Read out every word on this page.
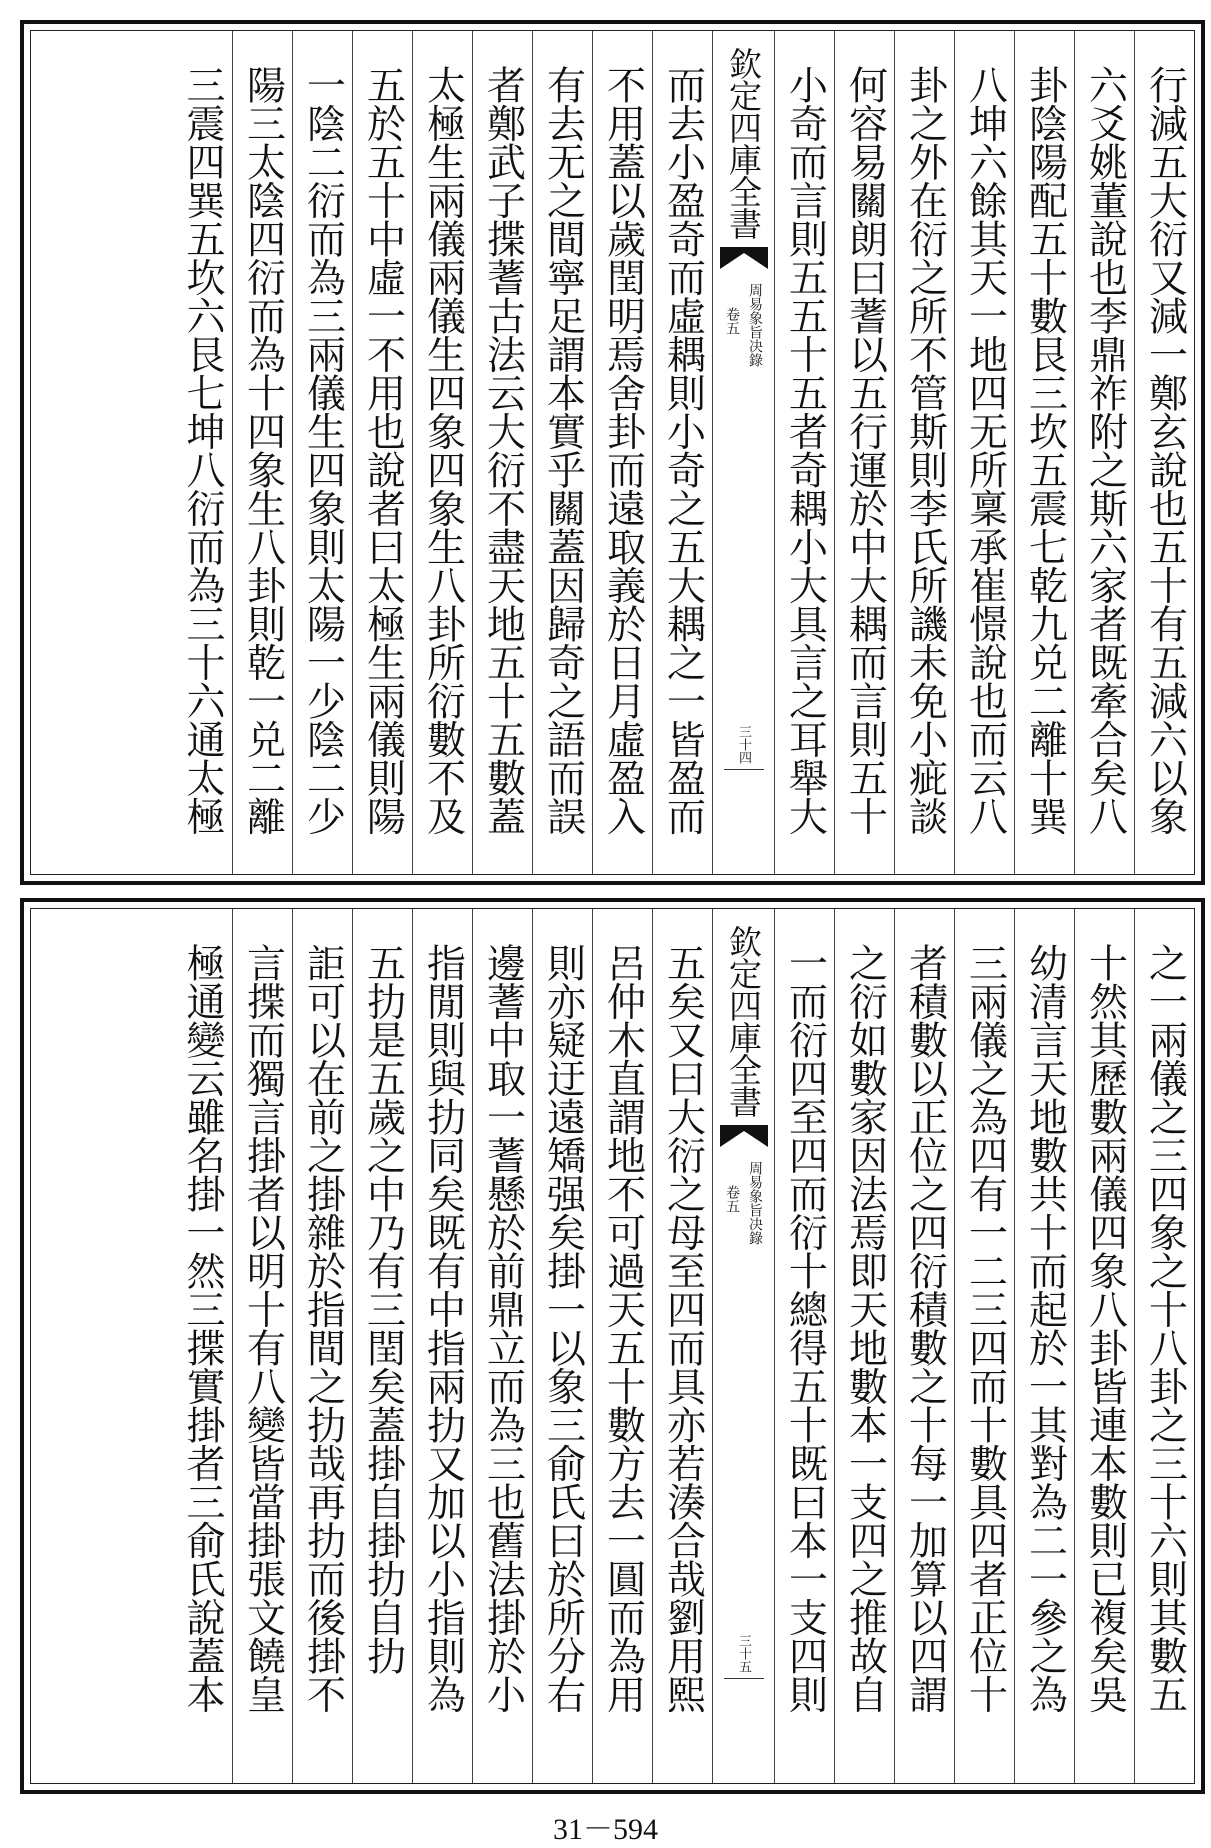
行減五大衍又減一鄭玄說也五十有五減六以象
六爻姚董說也李鼎祚附之斯六家者既牽合矣八
卦陰陽配五十數艮三坎五震七乾九兑二離十巽
八坤六餘其天一地四无所稟承崔憬說也而云八
卦之外在衍之所不管斯則李氏所譏未免小疵談
何容易關朗曰蓍以五行運於中大耦而言則五十
小奇而言則五五十五者奇耦小大具言之耳舉大
欽定四庫全書
周易象旨决錄
卷五
三十四
而去小盈奇而虛耦則小奇之五大耦之一皆盈而
不用蓋以歲閏明焉舍卦而遠取義於日月虛盈入
有去无之間寧足謂本實乎關蓋因歸奇之語而誤
者鄭武子揲蓍古法云大衍不盡天地五十五數蓋
太極生兩儀兩儀生四象四象生八卦所衍數不及
五於五十中虛一不用也說者曰太極生兩儀則陽
一陰二衍而為三兩儀生四象則太陽一少陰二少
陽三太陰四衍而為十四象生八卦則乾一兑二離
三震四巽五坎六艮七坤八衍而為三十六通太極
之一兩儀之三四象之十八卦之三十六則其數五
十然其歷數兩儀四象八卦皆連本數則已複矣吳
幼清言天地數共十而起於一其對為二一參之為
三兩儀之為四有一二三四而十數具四者正位十
者積數以正位之四衍積數之十每一加算以四謂
之衍如數家因法焉即天地數本一支四之推故自
一而衍四至四而衍十總得五十既曰本一支四則
欽定四庫全書
周易象旨决錄
卷五
三十五
五矣又曰大衍之母至四而具亦若湊合哉劉用熙
呂仲木直謂地不可過天五十數方去一圓而為用
則亦疑迂遠矯强矣掛一以象三俞氏曰於所分右
邊蓍中取一蓍懸於前鼎立而為三也舊法掛於小
指閒則與扐同矣既有中指兩扐又加以小指則為
五扐是五歲之中乃有三閏矣蓋掛自掛扐自扐
詎可以在前之掛雜於指間之扐哉再扐而後掛不
言揲而獨言掛者以明十有八變皆當掛張文饒皇
極通變云雖名掛一然三揲實掛者三俞氏說蓋本
31－594
